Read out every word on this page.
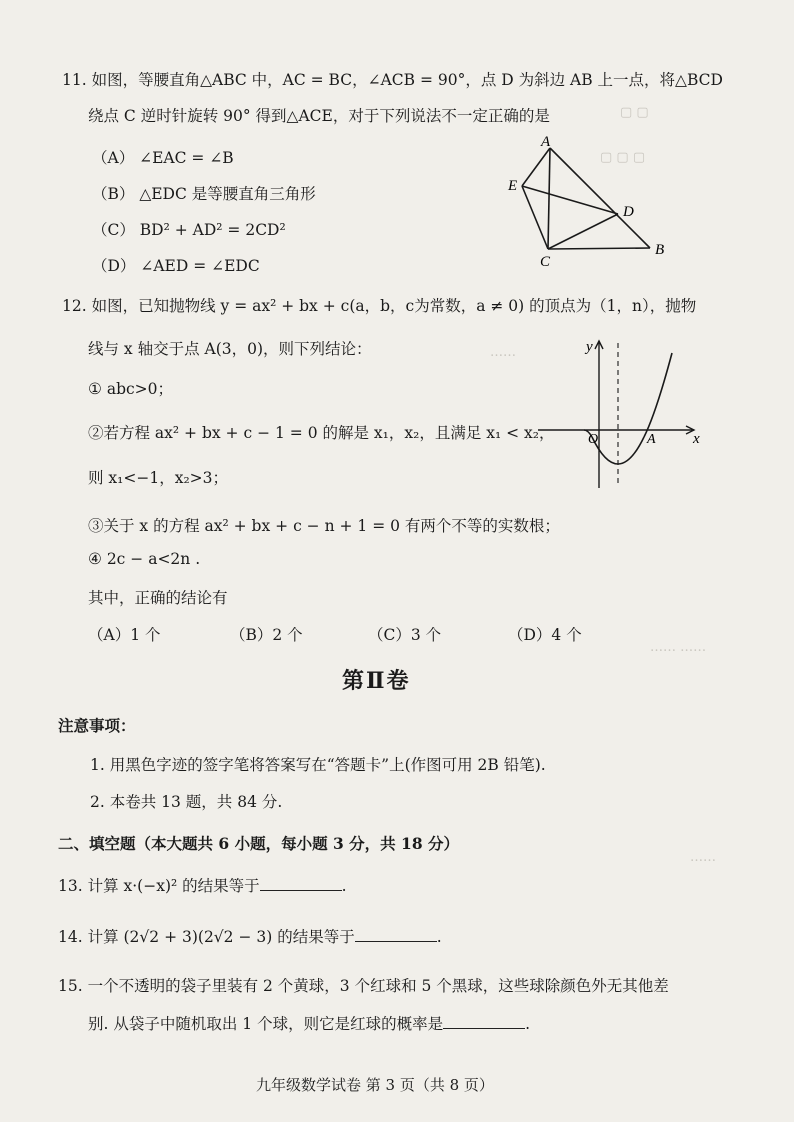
▢ ▢
▢ ▢ ▢
……
…… ……
……
11. 如图，等腰直角△ABC 中，AC = BC，∠ACB = 90°，点 D 为斜边 AB 上一点，将△BCD
绕点 C 逆时针旋转 90° 得到△ACE，对于下列说法不一定正确的是
（A） ∠EAC = ∠B
（B） △EDC 是等腰直角三角形
（C） BD² + AD² = 2CD²
（D） ∠AED = ∠EDC
A
E
D
B
C
12. 如图，已知抛物线 y = ax² + bx + c(a，b，c为常数，a ≠ 0) 的顶点为（1，n），抛物
线与 x 轴交于点 A(3，0)，则下列结论：
① abc>0；
②若方程 ax² + bx + c − 1 = 0 的解是 x₁，x₂，且满足 x₁ < x₂，
则 x₁<−1，x₂>3；
③关于 x 的方程 ax² + bx + c − n + 1 = 0 有两个不等的实数根；
④ 2c − a<2n .
其中，正确的结论有
（A）1 个	（B）2 个	（C）3 个	（D）4 个
y
x
O	A
第Ⅱ卷
注意事项：
1. 用黑色字迹的签字笔将答案写在“答题卡”上(作图可用 2B 铅笔).
2. 本卷共 13 题，共 84 分.
二、填空题（本大题共 6 小题，每小题 3 分，共 18 分）
13. 计算 x·(−x)² 的结果等于	.
14. 计算 (2√2 + 3)(2√2 − 3) 的结果等于	.
15. 一个不透明的袋子里装有 2 个黄球，3 个红球和 5 个黑球，这些球除颜色外无其他差
别. 从袋子中随机取出 1 个球，则它是红球的概率是	.
九年级数学试卷 第 3 页（共 8 页）
